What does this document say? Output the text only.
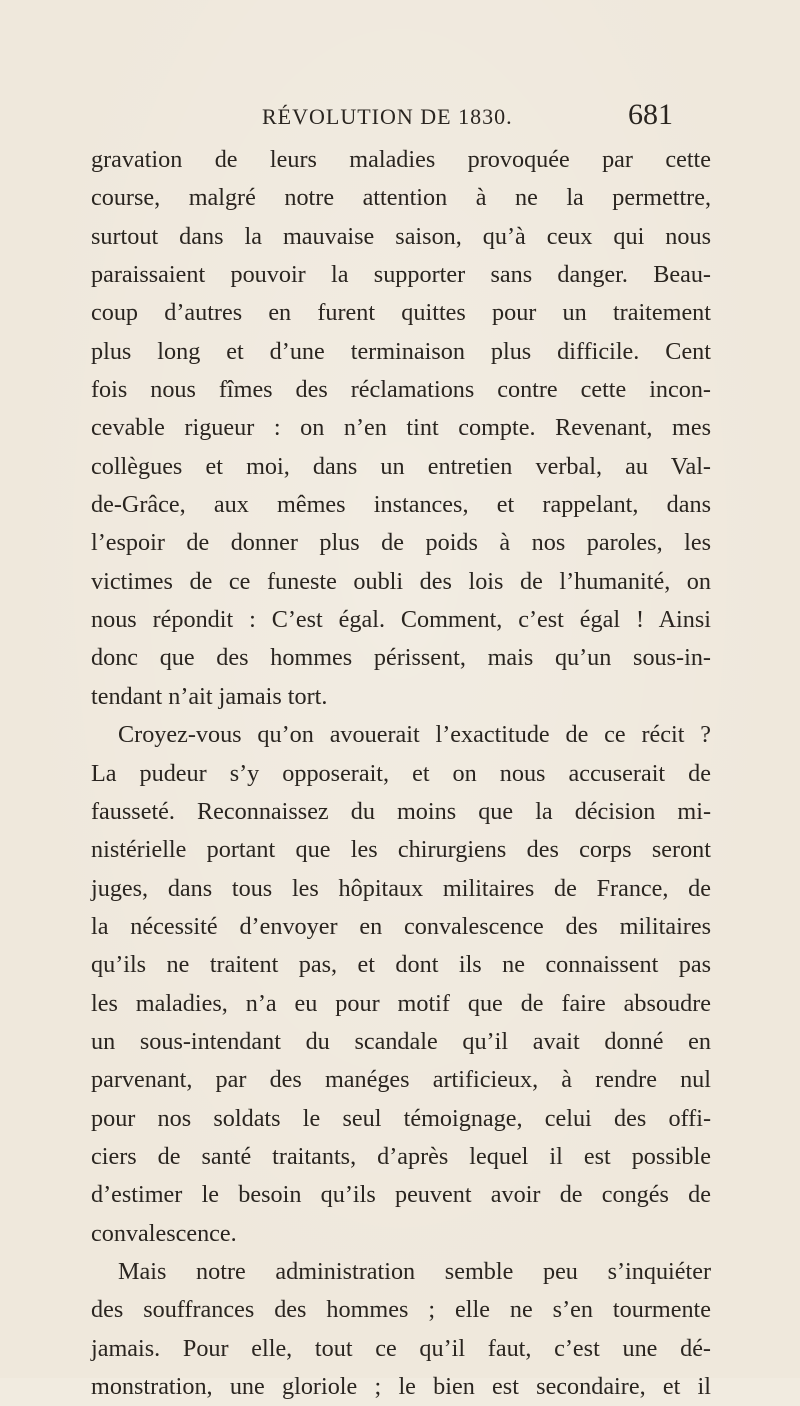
RÉVOLUTION DE 1830.	681
gravation de leurs maladies provoquée par cette
course, malgré notre attention à ne la permettre,
surtout dans la mauvaise saison, qu’à ceux qui nous
paraissaient pouvoir la supporter sans danger. Beau-
coup d’autres en furent quittes pour un traitement
plus long et d’une terminaison plus difficile. Cent
fois nous fîmes des réclamations contre cette incon-
cevable rigueur : on n’en tint compte. Revenant, mes
collègues et moi, dans un entretien verbal, au Val-
de-Grâce, aux mêmes instances, et rappelant, dans
l’espoir de donner plus de poids à nos paroles, les
victimes de ce funeste oubli des lois de l’humanité, on
nous répondit : C’est égal. Comment, c’est égal ! Ainsi
donc que des hommes périssent, mais qu’un sous-in-
tendant n’ait jamais tort.
Croyez-vous qu’on avouerait l’exactitude de ce récit ?
La pudeur s’y opposerait, et on nous accuserait de
fausseté. Reconnaissez du moins que la décision mi-
nistérielle portant que les chirurgiens des corps seront
juges, dans tous les hôpitaux militaires de France, de
la nécessité d’envoyer en convalescence des militaires
qu’ils ne traitent pas, et dont ils ne connaissent pas
les maladies, n’a eu pour motif que de faire absoudre
un sous-intendant du scandale qu’il avait donné en
parvenant, par des manéges artificieux, à rendre nul
pour nos soldats le seul témoignage, celui des offi-
ciers de santé traitants, d’après lequel il est possible
d’estimer le besoin qu’ils peuvent avoir de congés de
convalescence.
Mais notre administration semble peu s’inquiéter
des souffrances des hommes ; elle ne s’en tourmente
jamais. Pour elle, tout ce qu’il faut, c’est une dé-
monstration, une gloriole ; le bien est secondaire, et il
